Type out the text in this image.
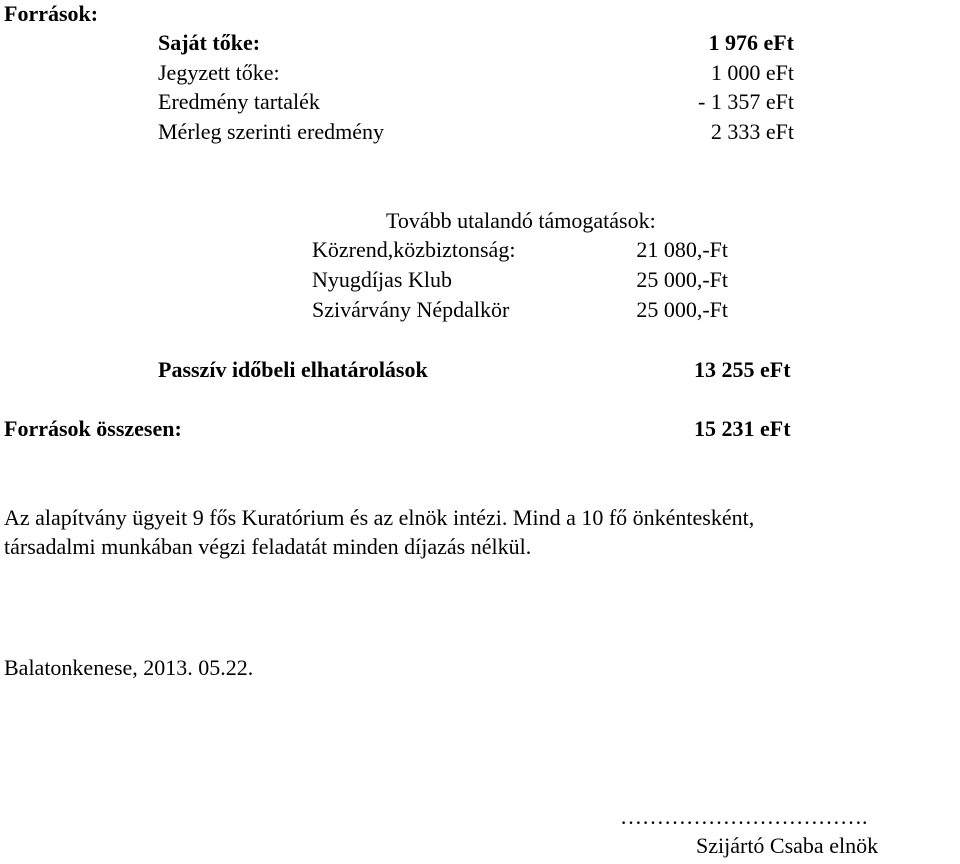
Források:
Saját tőke:	1 976 eFt
Jegyzett tőke:	1 000 eFt
Eredmény tartalék	- 1 357 eFt
Mérleg szerinti eredmény	2 333 eFt
Tovább utalandó támogatások:
Közrend,közbiztonság:	21 080,-Ft
Nyugdíjas Klub	25 000,-Ft
Szivárvány Népdalkör	25 000,-Ft
Passzív időbeli elhatárolások	13 255 eFt
Források összesen:	15 231 eFt
Az alapítvány ügyeit 9 fős Kuratórium és az elnök intézi. Mind a 10 fő önkéntesként,
társadalmi munkában végzi feladatát minden díjazás nélkül.
Balatonkenese, 2013. 05.22.
…………………………….
Szijártó Csaba elnök
